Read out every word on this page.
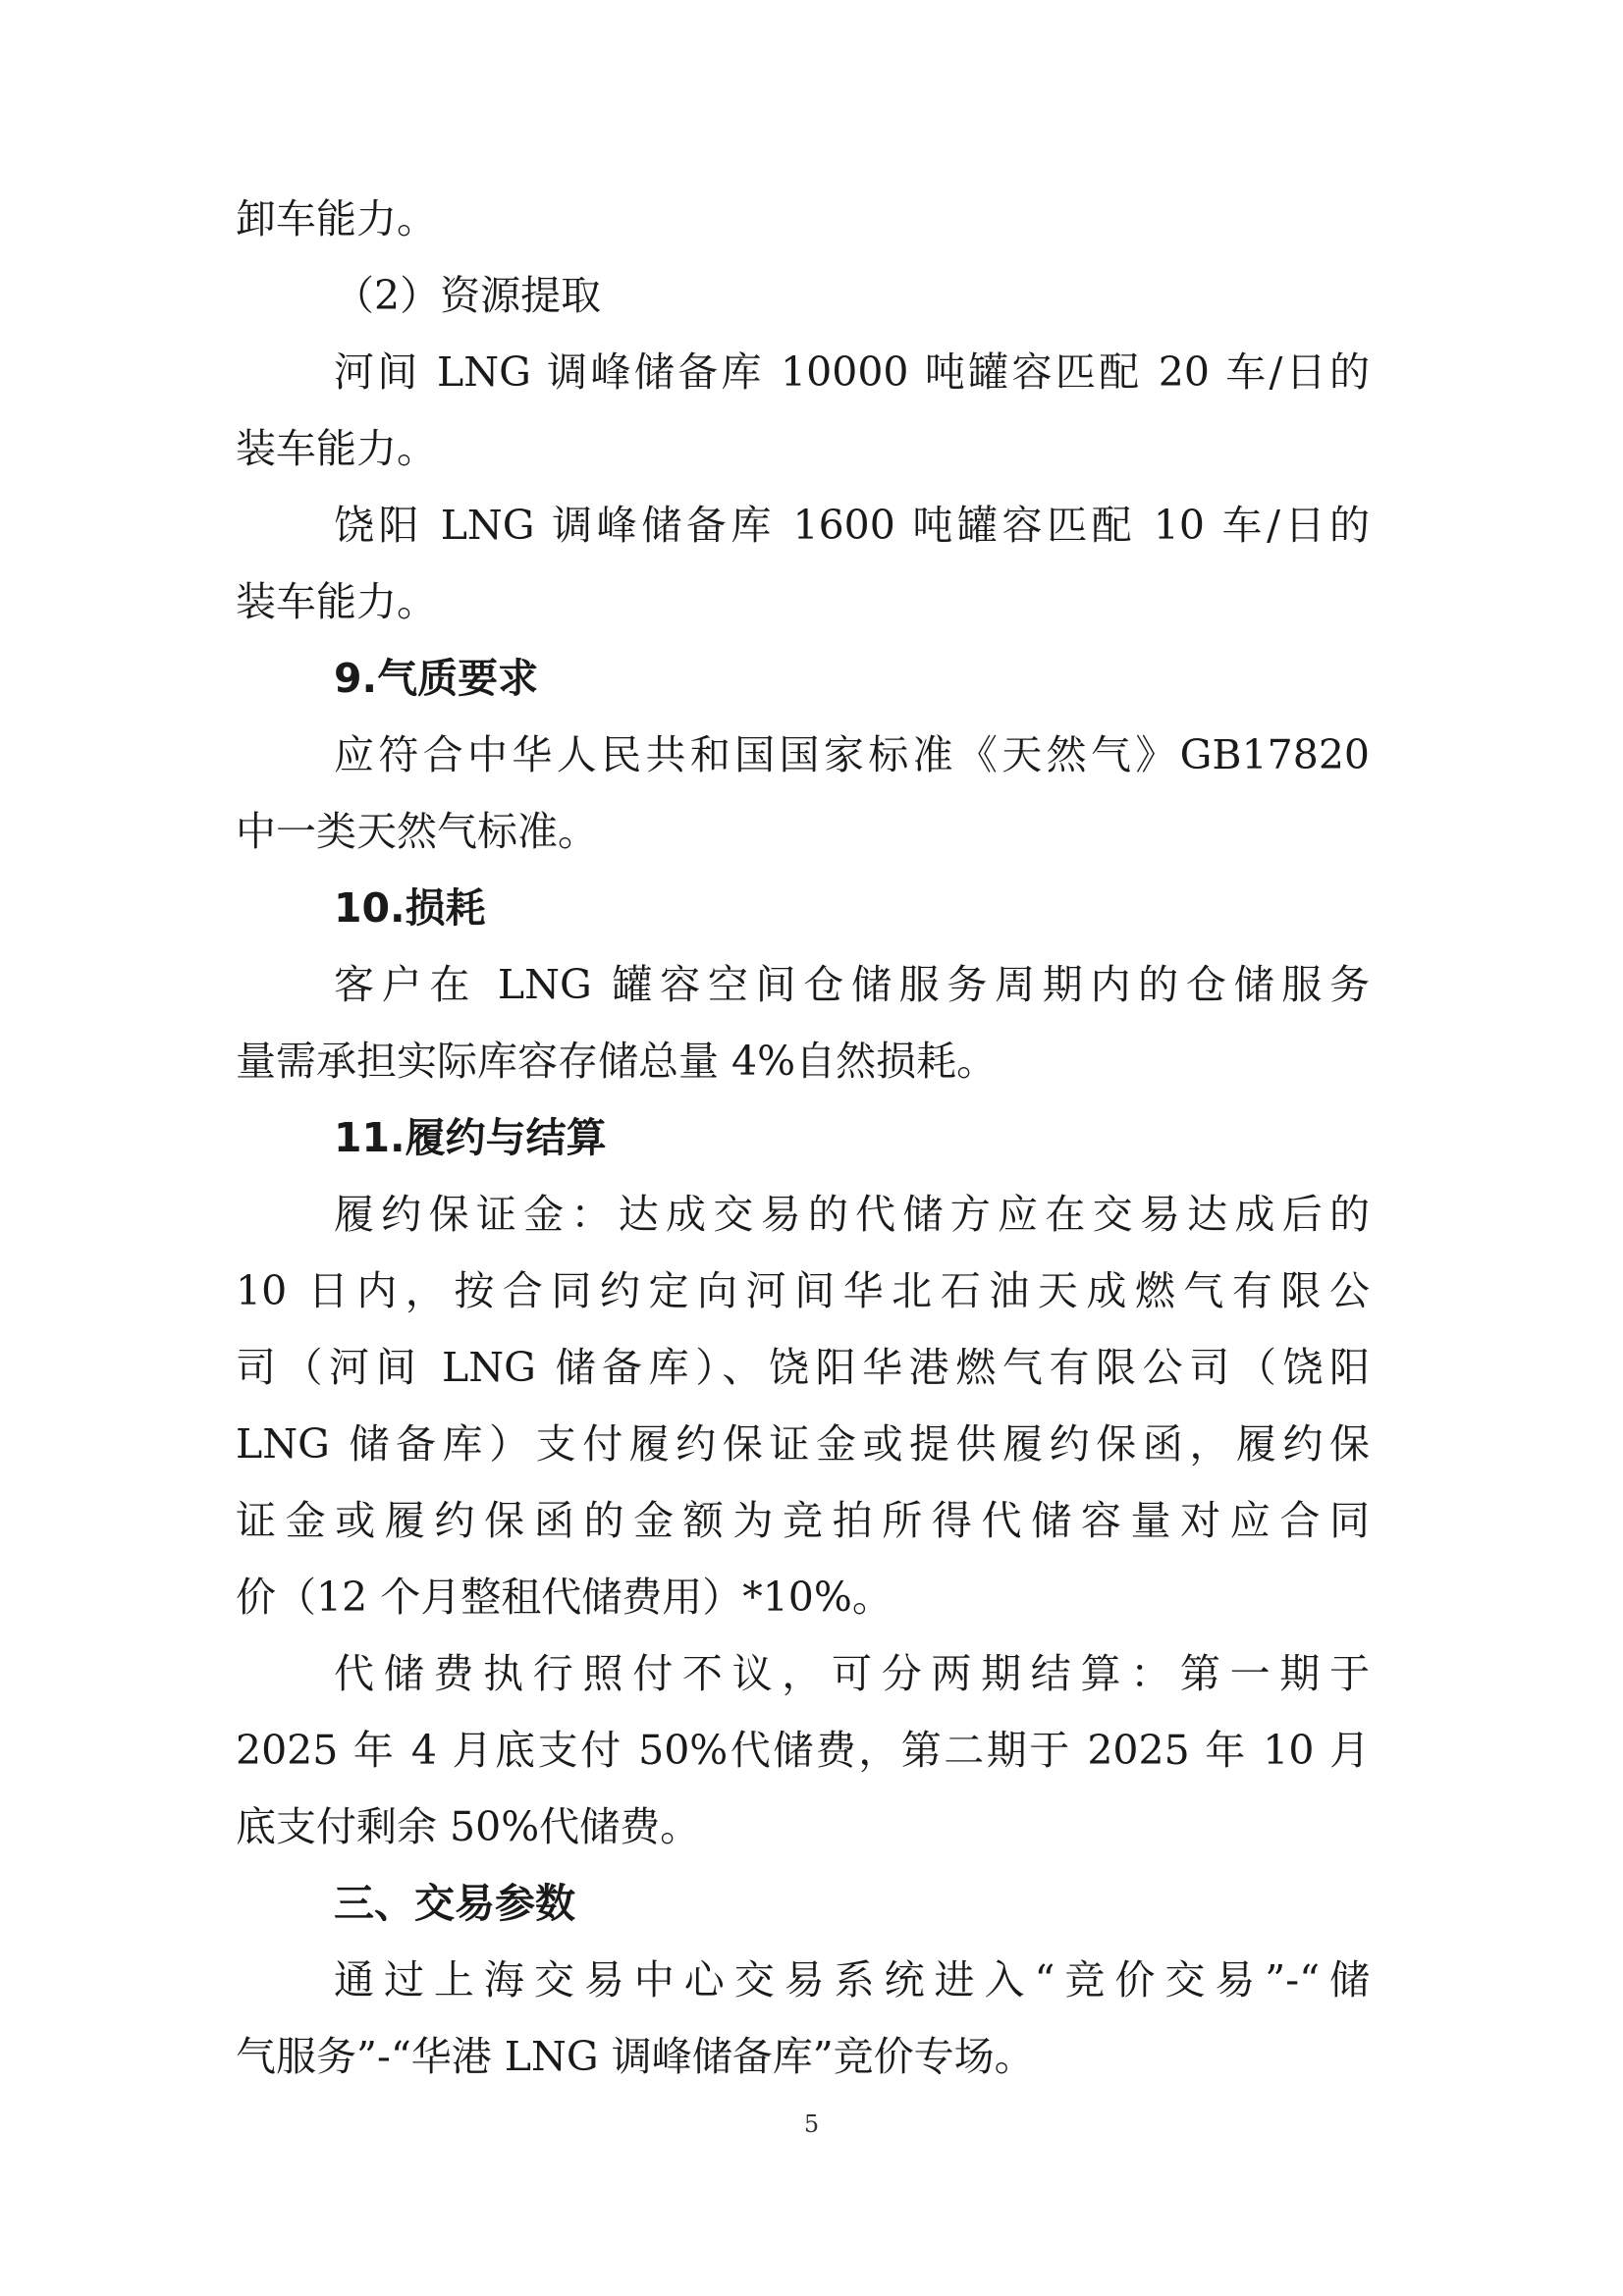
卸车能力。
（2）资源提取
河间 LNG 调峰储备库 10000 吨罐容匹配 20 车/日的
装车能力。
饶阳 LNG 调峰储备库 1600 吨罐容匹配 10 车/日的
装车能力。
9.气质要求
应符合中华人民共和国国家标准《天然气》GB17820
中一类天然气标准。
10.损耗
客户在 LNG 罐容空间仓储服务周期内的仓储服务
量需承担实际库容存储总量 4%自然损耗。
11.履约与结算
履约保证金：达成交易的代储方应在交易达成后的
10 日内，按合同约定向河间华北石油天成燃气有限公
司（河间 LNG 储备库）、饶阳华港燃气有限公司（饶阳
LNG 储备库）支付履约保证金或提供履约保函，履约保
证金或履约保函的金额为竞拍所得代储容量对应合同
价（12 个月整租代储费用）*10%。
代储费执行照付不议，可分两期结算：第一期于
2025 年 4 月底支付 50%代储费，第二期于 2025 年 10 月
底支付剩余 50%代储费。
三、交易参数
通过上海交易中心交易系统进入“竞价交易”-“储
气服务”-“华港 LNG 调峰储备库”竞价专场。
5
